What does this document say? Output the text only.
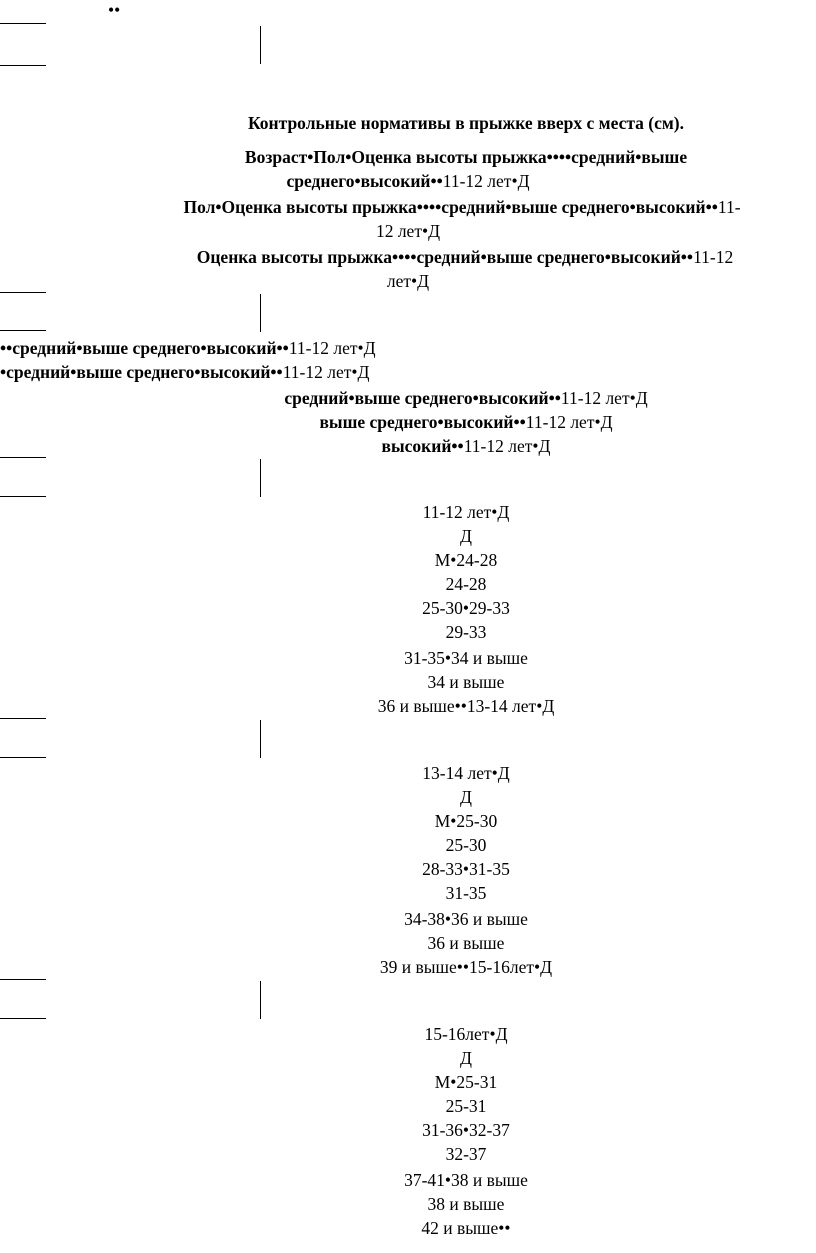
••
Контрольные нормативы в прыжке вверх с места (см).
Возраст•Пол•Оценка высоты прыжка••••средний•выше
среднего•высокий••11-12 лет•Д
Пол•Оценка высоты прыжка••••средний•выше среднего•высокий••11-
12 лет•Д
Оценка высоты прыжка••••средний•выше среднего•высокий••11-12
лет•Д
••средний•выше среднего•высокий••11-12 лет•Д
•средний•выше среднего•высокий••11-12 лет•Д
средний•выше среднего•высокий••11-12 лет•Д
выше среднего•высокий••11-12 лет•Д
высокий••11-12 лет•Д
11-12 лет•Д
Д
М•24-28
24-28
25-30•29-33
29-33
31-35•34 и выше
34 и выше
36 и выше••13-14 лет•Д
13-14 лет•Д
Д
М•25-30
25-30
28-33•31-35
31-35
34-38•36 и выше
36 и выше
39 и выше••15-16лет•Д
15-16лет•Д
Д
М•25-31
25-31
31-36•32-37
32-37
37-41•38 и выше
38 и выше
42 и выше••
